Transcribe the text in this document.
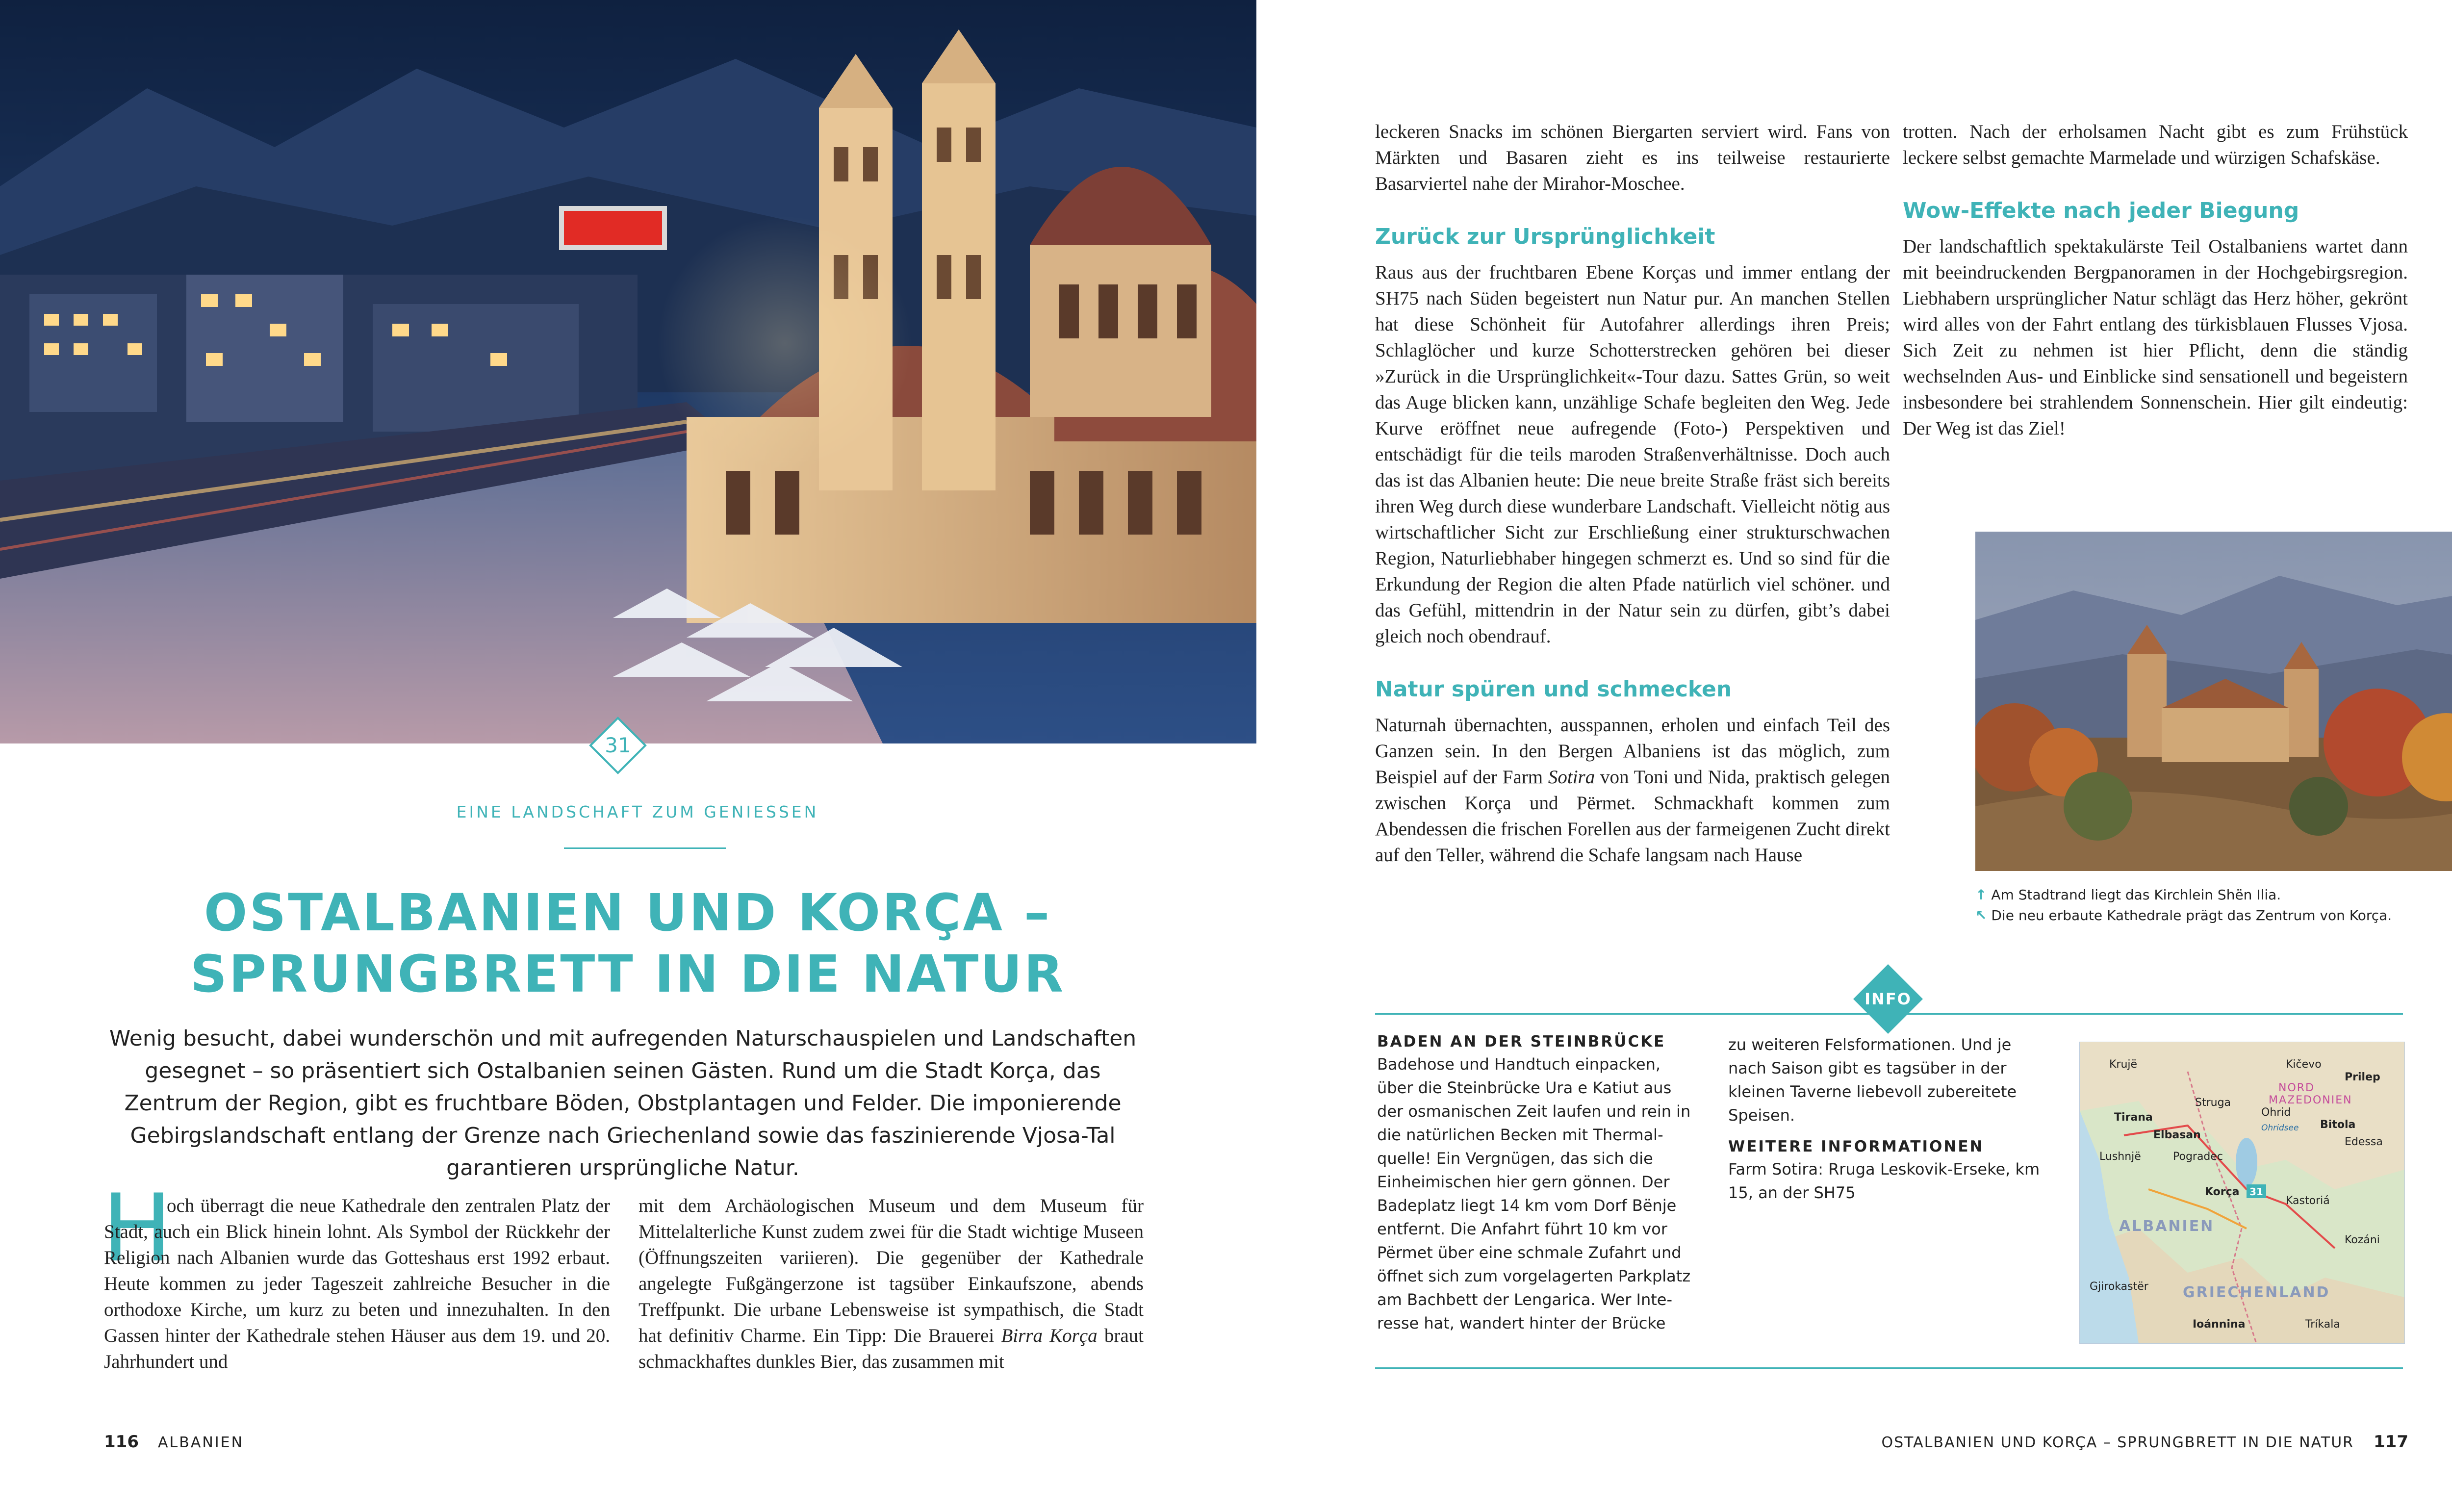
31
EINE LANDSCHAFT ZUM GENIESSEN
OSTALBANIEN UND KORÇA –
SPRUNGBRETT IN DIE NATUR
Wenig besucht, dabei wunderschön und mit aufregenden Naturschauspielen und Landschaften gesegnet – so präsentiert sich Ostalbanien seinen Gästen. Rund um die Stadt Korça, das Zentrum der Region, gibt es fruchtbare Böden, Obstplantagen und Felder. Die imponierende Gebirgslandschaft entlang der Grenze nach Griechenland sowie das faszinierende Vjosa-Tal garantieren ursprüngliche Natur.
H

och überragt die neue Kathedrale den zentralen Platz der Stadt, auch ein Blick hinein lohnt. Als Symbol der Rückkehr der Religion nach Albanien wurde das Gotteshaus erst 1992 erbaut. Heute kommen zu jeder Tageszeit zahlreiche Besucher in die orthodoxe Kirche, um kurz zu beten und innezuhalten. In den Gassen hinter der Kathedrale stehen Häuser aus dem 19. und 20. Jahrhundert und

mit dem Archäologischen Museum und dem Museum für Mittelalterliche Kunst zudem zwei für die Stadt wichtige Museen (Öffnungszeiten variieren). Die gegenüber der Kathedrale angelegte Fußgängerzone ist tagsüber Einkaufszone, abends Treffpunkt. Die urbane Lebensweise ist sympathisch, die Stadt hat definitiv Charme. Ein Tipp: Die Brauerei Birra Korça braut schmackhaftes dunkles Bier, das zusammen mit

116 ALBANIEN

leckeren Snacks im schönen Biergarten serviert wird. Fans von Märkten und Basaren zieht es ins teilweise restaurierte Basarviertel nahe der Mirahor-Moschee.

Zurück zur Ursprünglichkeit

Raus aus der fruchtbaren Ebene Korças und immer entlang der SH75 nach Süden begeistert nun Natur pur. An manchen Stellen hat diese Schönheit für Autofahrer allerdings ihren Preis; Schlaglöcher und kurze Schotterstrecken gehören bei dieser »Zurück in die Ursprünglichkeit«-Tour dazu. Sattes Grün, so weit das Auge blicken kann, unzählige Schafe begleiten den Weg. Jede Kurve eröffnet neue aufregende (Foto-) Perspektiven und entschädigt für die teils maroden Straßenverhältnisse. Doch auch das ist das Albanien heute: Die neue breite Straße fräst sich bereits ihren Weg durch diese wunderbare Landschaft. Vielleicht nötig aus wirtschaftlicher Sicht zur Erschließung einer strukturschwachen Region, Naturliebhaber hingegen schmerzt es. Und so sind für die Erkundung der Region die alten Pfade natürlich viel schöner. und das Gefühl, mittendrin in der Natur sein zu dürfen, gibt’s dabei gleich noch obendrauf.

Natur spüren und schmecken

Naturnah übernachten, ausspannen, erholen und einfach Teil des Ganzen sein. In den Bergen Albaniens ist das möglich, zum Beispiel auf der Farm Sotira von Toni und Nida, praktisch gelegen zwischen Korça und Përmet. Schmackhaft kommen zum Abendessen die frischen Forellen aus der farmeigenen Zucht direkt auf den Teller, während die Schafe langsam nach Hause

trotten. Nach der erholsamen Nacht gibt es zum Frühstück leckere selbst gemachte Marmelade und würzigen Schafskäse.

Wow-Effekte nach jeder Biegung

Der landschaftlich spektakulärste Teil Ostalbaniens wartet dann mit beeindruckenden Bergpanoramen in der Hochgebirgsregion. Liebhabern ursprünglicher Natur schlägt das Herz höher, gekrönt wird alles von der Fahrt entlang des türkisblauen Flusses Vjosa. Sich Zeit zu nehmen ist hier Pflicht, denn die ständig wechselnden Aus- und Einblicke sind sensationell und begeistern insbesondere bei strahlendem Sonnenschein. Hier gilt eindeutig: Der Weg ist das Ziel!

↑ Am Stadtrand liegt das Kirchlein Shën Ilia.
↖ Die neu erbaute Kathedrale prägt das Zentrum von Korça.
INFO
BADEN AN DER STEINBRÜCKE
Badehose und Handtuch einpacken, über die Steinbrücke Ura e Katiut aus der osmanischen Zeit laufen und rein in die natürlichen Becken mit Thermalquelle! Ein Vergnügen, das sich die Einheimischen hier gern gönnen. Der Badeplatz liegt 14 km vom Dorf Bënje entfernt. Die Anfahrt führt 10 km vor Përmet über eine schmale Zufahrt und öffnet sich zum vorgelagerten Parkplatz am Bachbett der Lengarica. Wer Interesse hat, wandert hinter der Brücke
zu weiteren Felsformationen. Und je nach Saison gibt es tagsüber in der kleinen Taverne liebevoll zubereitete Speisen.
WEITERE INFORMATIONEN
Farm Sotira: Rruga Leskovik-Erseke, km 15, an der SH75
Krujë	Kičevo
Prilep
NORD
MAZEDONIEN
Ohrid
Struga
Tirana
Ohridsee Bitola
Elbasan
Edessa
Lushnjë	Pogradec
Korça 31
Kastoriá
ALBANIEN
Kozáni
Gjirokastër GRIECHENLAND
Ioánnina	Tríkala
OSTALBANIEN UND KORÇA – SPRUNGBRETT IN DIE NATUR 117
